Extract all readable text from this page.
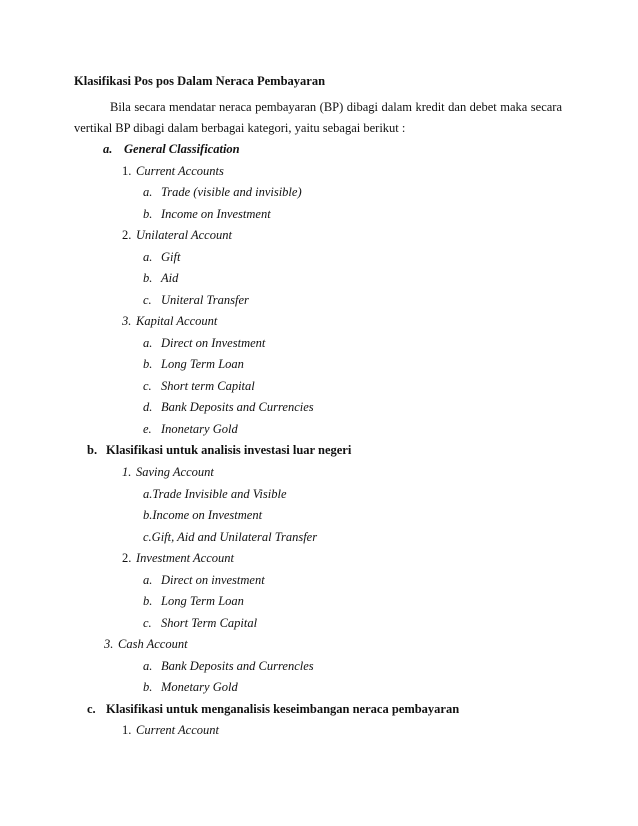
Klasifikasi Pos pos Dalam Neraca Pembayaran
Bila secara mendatar neraca pembayaran (BP) dibagi dalam kredit dan debet maka secara
vertikal BP dibagi dalam berbagai kategori, yaitu sebagai berikut :
a. General Classification
1. Current Accounts
a. Trade (visible and invisible)
b. Income on Investment
2. Unilateral Account
a. Gift
b. Aid
c. Uniteral Transfer
3. Kapital Account
a. Direct on Investment
b. Long Term Loan
c. Short term Capital
d. Bank Deposits and Currencies
e. Inonetary Gold
b. Klasifikasi untuk analisis investasi luar negeri
1. Saving Account
a.Trade Invisible and Visible
b.Income on Investment
c.Gift, Aid and Unilateral Transfer
2. Investment Account
a. Direct on investment
b. Long Term Loan
c. Short Term Capital
3. Cash Account
a. Bank Deposits and Currencles
b. Monetary Gold
c. Klasifikasi untuk menganalisis keseimbangan neraca pembayaran
1. Current Account
